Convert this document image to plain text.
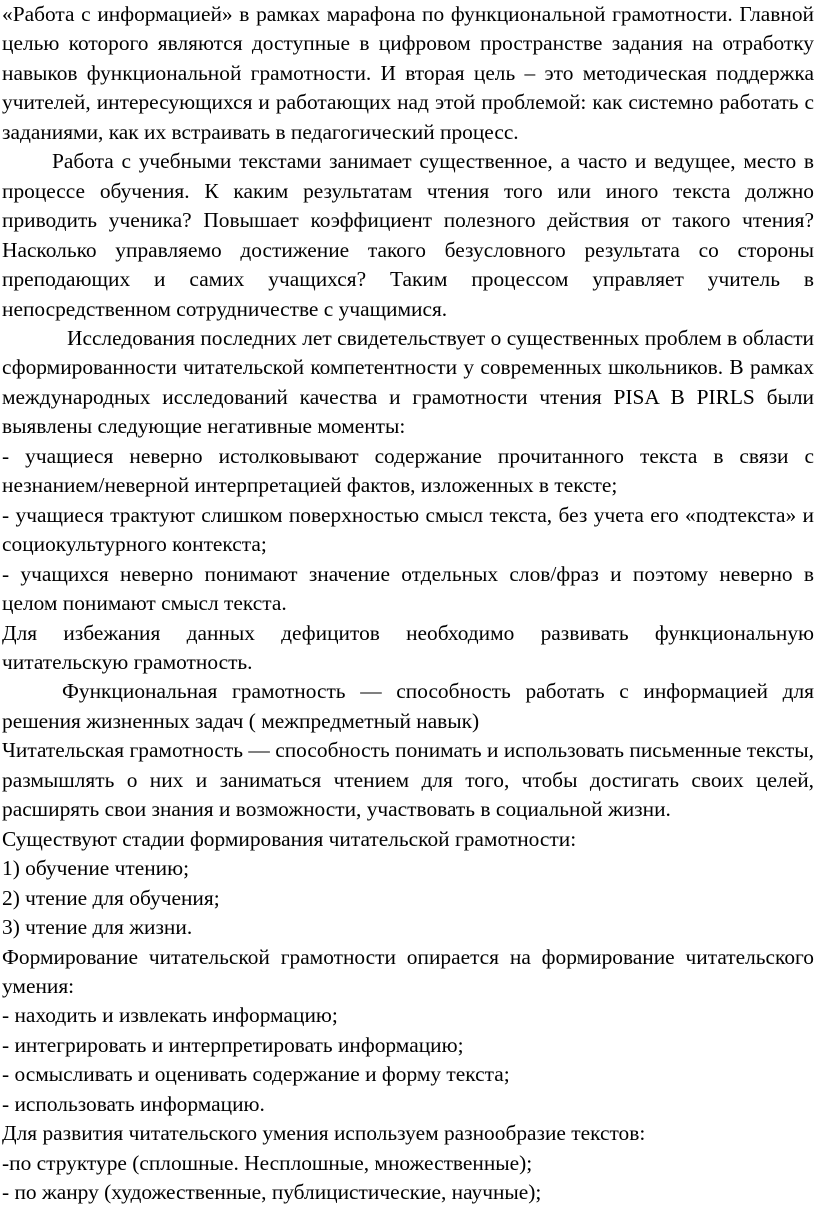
«Работа с информацией» в рамках марафона по функциональной грамотности. Главной целью которого являются доступные в цифровом пространстве задания на отработку навыков функциональной грамотности. И вторая цель – это методическая поддержка учителей, интересующихся и работающих над этой проблемой: как системно работать с заданиями, как их встраивать в педагогический процесс.

Работа с учебными текстами занимает существенное, а часто и ведущее, место в процессе обучения. К каким результатам чтения того или иного текста должно приводить ученика? Повышает коэффициент полезного действия от такого чтения? Насколько управляемо достижение такого безусловного результата со стороны преподающих и самих учащихся? Таким процессом управляет учитель в непосредственном сотрудничестве с учащимися.

Исследования последних лет свидетельствует о существенных проблем в области сформированности читательской компетентности у современных школьников. В рамках международных исследований качества и грамотности чтения PISA В PIRLS были выявлены следующие негативные моменты:

- учащиеся неверно истолковывают содержание прочитанного текста в связи с незнанием/неверной интерпретацией фактов, изложенных в тексте;

- учащиеся трактуют слишком поверхностью смысл текста, без учета его «подтекста» и социокультурного контекста;

- учащихся неверно понимают значение отдельных слов/фраз и поэтому неверно в целом понимают смысл текста.

Для избежания данных дефицитов необходимо развивать функциональную читательскую грамотность.

Функциональная грамотность — способность работать с информацией для решения жизненных задач ( межпредметный навык)

Читательская грамотность — способность понимать и использовать письменные тексты, размышлять о них и заниматься чтением для того, чтобы достигать своих целей, расширять свои знания и возможности, участвовать в социальной жизни.

Существуют стадии формирования читательской грамотности:

1) обучение чтению;

2) чтение для обучения;

3) чтение для жизни.

Формирование читательской грамотности опирается на формирование читательского умения:

- находить и извлекать информацию;

- интегрировать и интерпретировать информацию;

- осмысливать и оценивать содержание и форму текста;

- использовать информацию.

Для развития читательского умения используем разнообразие текстов:

-по структуре (сплошные. Несплошные, множественные);

- по жанру (художественные, публицистические, научные);
